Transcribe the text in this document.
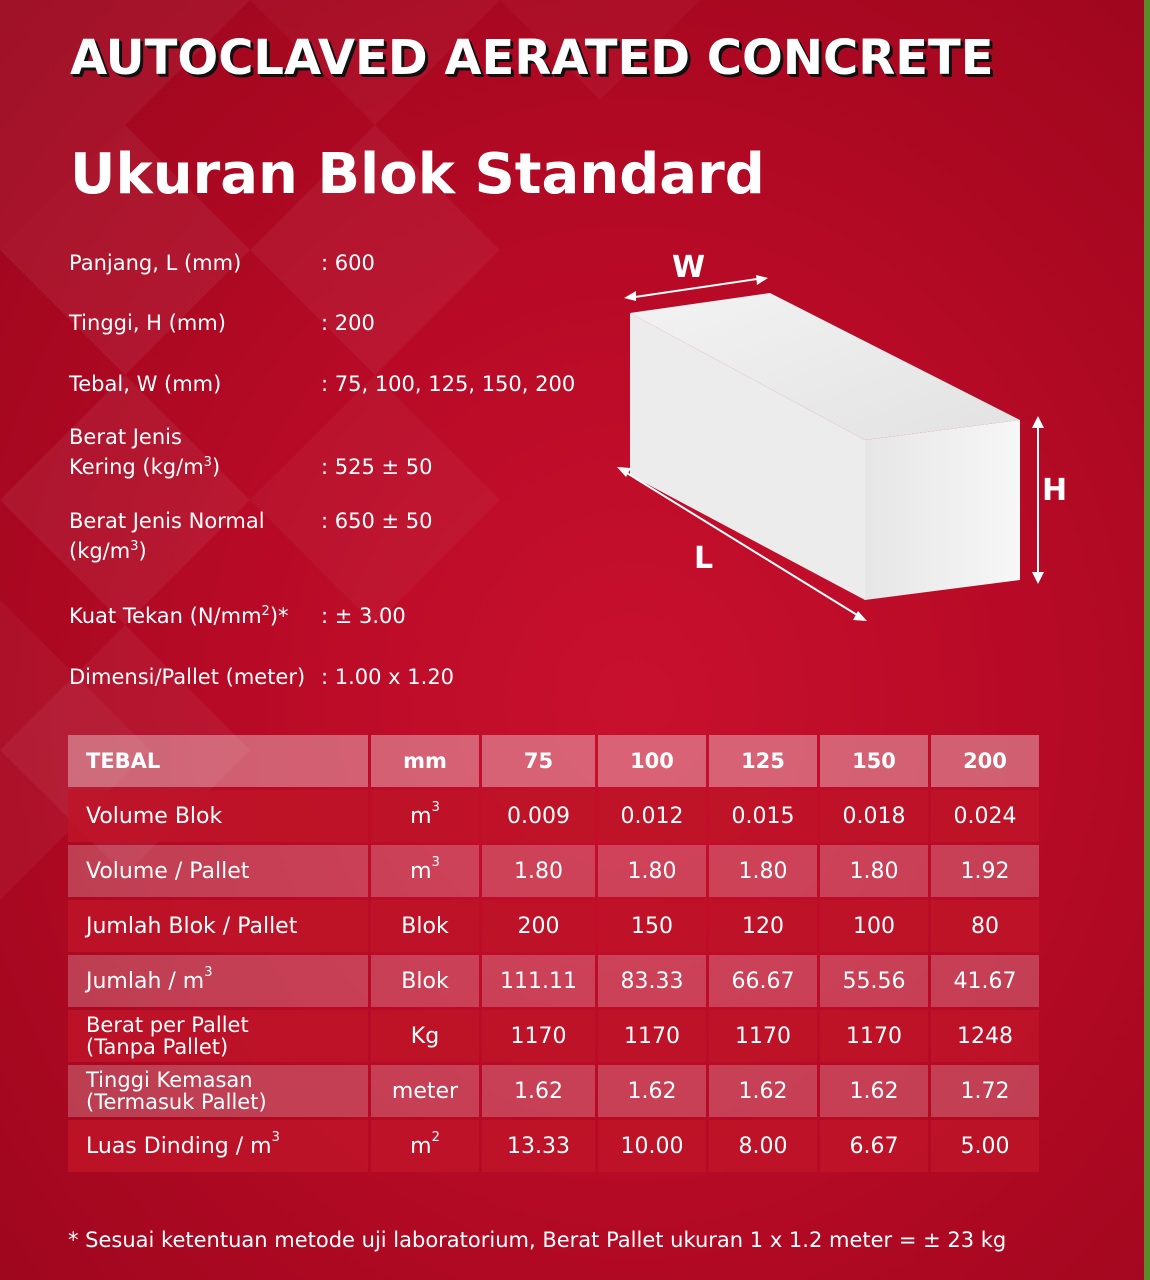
AUTOCLAVED AERATED CONCRETE
Ukuran Blok Standard
Panjang, L (mm)	: 600
Tinggi, H (mm)	: 200
Tebal, W (mm)	: 75, 100, 125, 150, 200
Berat Jenis
Kering $(kg/m^3)$	: 525 ± 50
Berat Jenis Normal
$(kg/m^3)$
: 650 ± 50
Kuat Tekan $(N/mm^2)*$ : ± 3.00
Dimensi/Pallet (meter) : 1.00 x 1.20
W
H
L
TEBAL	mm	75	100	125	150	200
Volume Blok	$m^3$	0.009	0.012	0.015	0.018	0.024
Volume / Pallet	$m^3$	1.80	1.80	1.80	1.80	1.92
Jumlah Blok / Pallet	Blok	200	150	120	100	80
Jumlah / $m^3$	Blok	111.11	83.33	66.67	55.56	41.67
Berat per Pallet
(Tanpa Pallet)	Kg	1170	1170	1170	1170	1248
Tinggi Kemasan
(Termasuk Pallet)	meter	1.62	1.62	1.62	1.62	1.72
Luas Dinding / $m^3$	$m^2$	13.33	10.00	8.00	6.67	5.00
* Sesuai ketentuan metode uji laboratorium, Berat Pallet ukuran 1 x 1.2 meter = ± 23 kg
